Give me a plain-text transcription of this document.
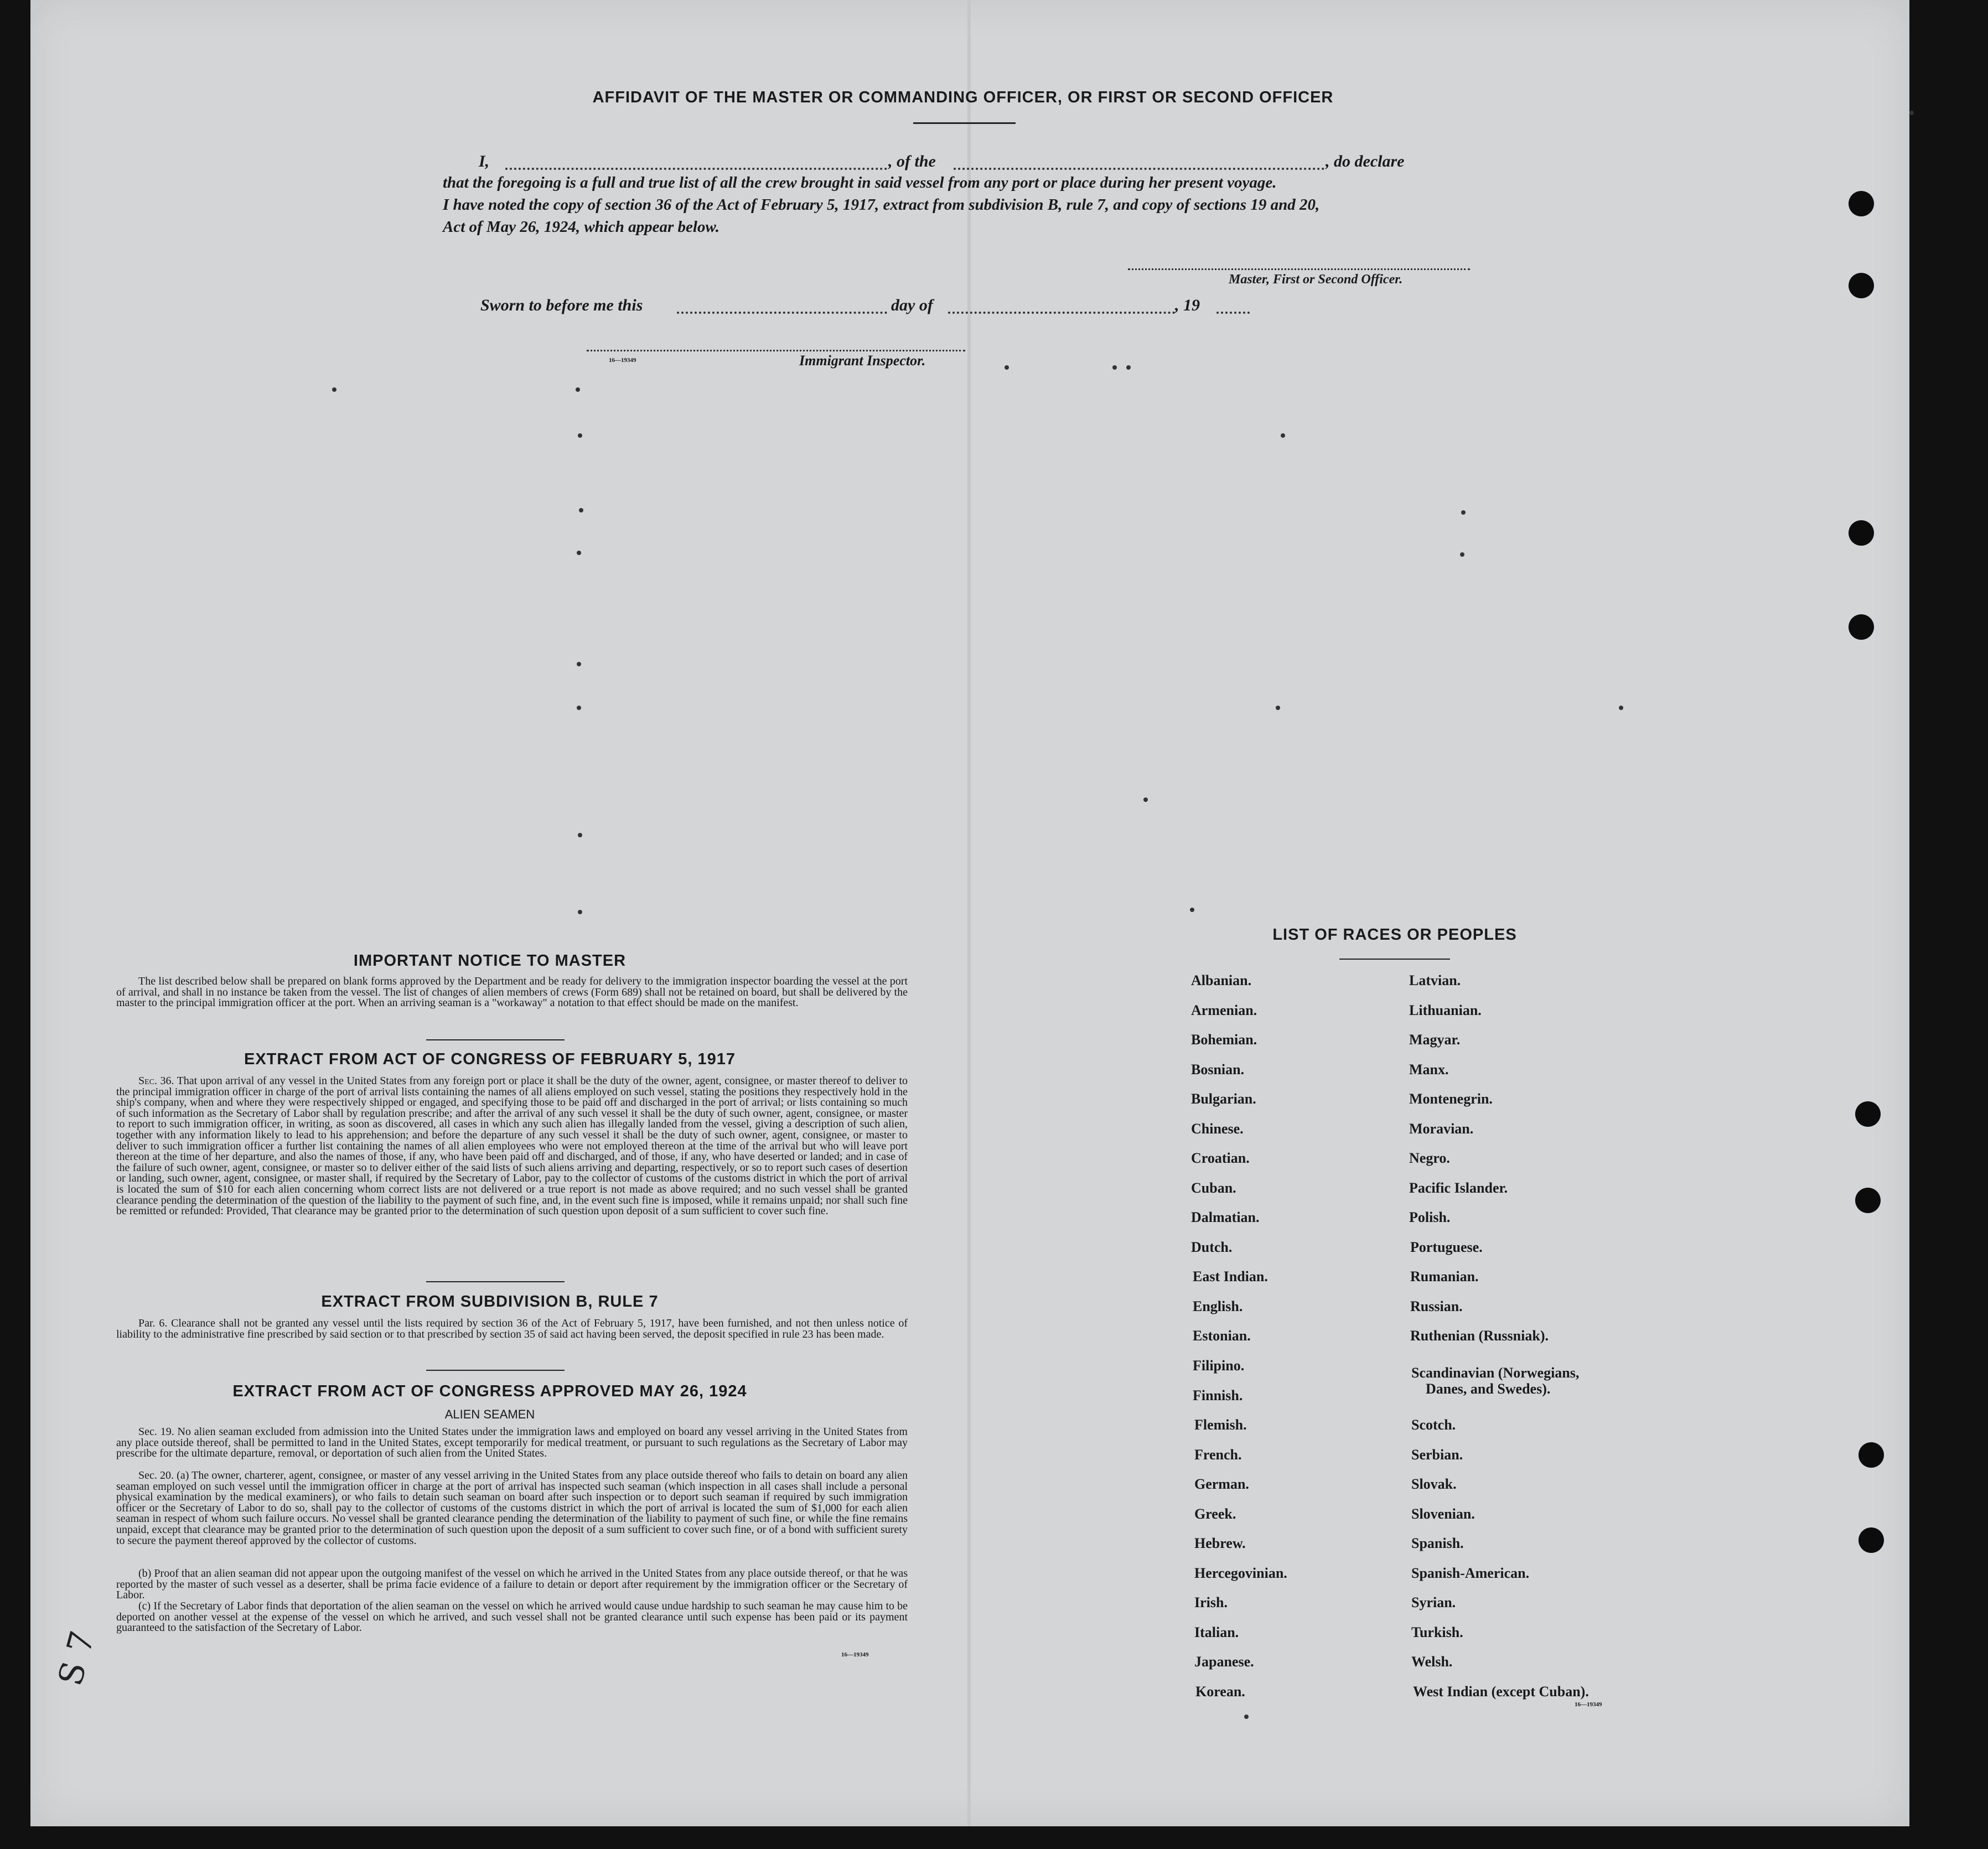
AFFIDAVIT OF THE MASTER OR COMMANDING OFFICER, OR FIRST OR SECOND OFFICER
I,	, of the	, do declare
that the foregoing is a full and true list of all the crew brought in said vessel from any port or place during her present voyage.
I have noted the copy of section 36 of the Act of February 5, 1917, extract from subdivision B, rule 7, and copy of sections 19 and 20,
Act of May 26, 1924, which appear below.
Master, First or Second Officer.
Sworn to before me this	day of	, 19
16—19349	Immigrant Inspector.
IMPORTANT NOTICE TO MASTER
The list described below shall be prepared on blank forms approved by the Department and be ready for delivery to the immigration inspector boarding the vessel at the port of arrival, and shall in no instance be taken from the vessel. The list of changes of alien members of crews (Form 689) shall not be retained on board, but shall be delivered by the master to the principal immigration officer at the port. When an arriving seaman is a "workaway" a notation to that effect should be made on the manifest.
EXTRACT FROM ACT OF CONGRESS OF FEBRUARY 5, 1917
Sec. 36. That upon arrival of any vessel in the United States from any foreign port or place it shall be the duty of the owner, agent, consignee, or master thereof to deliver to the principal immigration officer in charge of the port of arrival lists containing the names of all aliens employed on such vessel, stating the positions they respectively hold in the ship's company, when and where they were respectively shipped or engaged, and specifying those to be paid off and discharged in the port of arrival; or lists containing so much of such information as the Secretary of Labor shall by regulation prescribe; and after the arrival of any such vessel it shall be the duty of such owner, agent, consignee, or master to report to such immigration officer, in writing, as soon as discovered, all cases in which any such alien has illegally landed from the vessel, giving a description of such alien, together with any information likely to lead to his apprehension; and before the departure of any such vessel it shall be the duty of such owner, agent, consignee, or master to deliver to such immigration officer a further list containing the names of all alien employees who were not employed thereon at the time of the arrival but who will leave port thereon at the time of her departure, and also the names of those, if any, who have been paid off and discharged, and of those, if any, who have deserted or landed; and in case of the failure of such owner, agent, consignee, or master so to deliver either of the said lists of such aliens arriving and departing, respectively, or so to report such cases of desertion or landing, such owner, agent, consignee, or master shall, if required by the Secretary of Labor, pay to the collector of customs of the customs district in which the port of arrival is located the sum of $10 for each alien concerning whom correct lists are not delivered or a true report is not made as above required; and no such vessel shall be granted clearance pending the determination of the question of the liability to the payment of such fine, and, in the event such fine is imposed, while it remains unpaid; nor shall such fine be remitted or refunded: Provided, That clearance may be granted prior to the determination of such question upon deposit of a sum sufficient to cover such fine.
EXTRACT FROM SUBDIVISION B, RULE 7
Par. 6. Clearance shall not be granted any vessel until the lists required by section 36 of the Act of February 5, 1917, have been furnished, and not then unless notice of liability to the administrative fine prescribed by said section or to that prescribed by section 35 of said act having been served, the deposit specified in rule 23 has been made.
EXTRACT FROM ACT OF CONGRESS APPROVED MAY 26, 1924
ALIEN SEAMEN
Sec. 19. No alien seaman excluded from admission into the United States under the immigration laws and employed on board any vessel arriving in the United States from any place outside thereof, shall be permitted to land in the United States, except temporarily for medical treatment, or pursuant to such regulations as the Secretary of Labor may prescribe for the ultimate departure, removal, or deportation of such alien from the United States.
Sec. 20. (a) The owner, charterer, agent, consignee, or master of any vessel arriving in the United States from any place outside thereof who fails to detain on board any alien seaman employed on such vessel until the immigration officer in charge at the port of arrival has inspected such seaman (which inspection in all cases shall include a personal physical examination by the medical examiners), or who fails to detain such seaman on board after such inspection or to deport such seaman if required by such immigration officer or the Secretary of Labor to do so, shall pay to the collector of customs of the customs district in which the port of arrival is located the sum of $1,000 for each alien seaman in respect of whom such failure occurs. No vessel shall be granted clearance pending the determination of the liability to payment of such fine, or while the fine remains unpaid, except that clearance may be granted prior to the determination of such question upon the deposit of a sum sufficient to cover such fine, or of a bond with sufficient surety to secure the payment thereof approved by the collector of customs.
(b) Proof that an alien seaman did not appear upon the outgoing manifest of the vessel on which he arrived in the United States from any place outside thereof, or that he was reported by the master of such vessel as a deserter, shall be prima facie evidence of a failure to detain or deport after requirement by the immigration officer or the Secretary of Labor.
(c) If the Secretary of Labor finds that deportation of the alien seaman on the vessel on which he arrived would cause undue hardship to such seaman he may cause him to be deported on another vessel at the expense of the vessel on which he arrived, and such vessel shall not be granted clearance until such expense has been paid or its payment guaranteed to the satisfaction of the Secretary of Labor.
16—19349
LIST OF RACES OR PEOPLES
Albanian.
Armenian.
Bohemian.
Bosnian.
Bulgarian.
Chinese.
Croatian.
Cuban.
Dalmatian.
Dutch.
East Indian.
English.
Estonian.
Filipino.
Finnish.
Flemish.
French.
German.
Greek.
Hebrew.
Hercegovinian.
Irish.
Italian.
Japanese.
Korean.
Latvian.
Lithuanian.
Magyar.
Manx.
Montenegrin.
Moravian.
Negro.
Pacific Islander.
Polish.
Portuguese.
Rumanian.
Russian.
Ruthenian (Russniak).
Scandinavian (Norwegians,
Danes, and Swedes).
Scotch.
Serbian.
Slovak.
Slovenian.
Spanish.
Spanish-American.
Syrian.
Turkish.
Welsh.
West Indian (except Cuban).
16—19349
S 7
